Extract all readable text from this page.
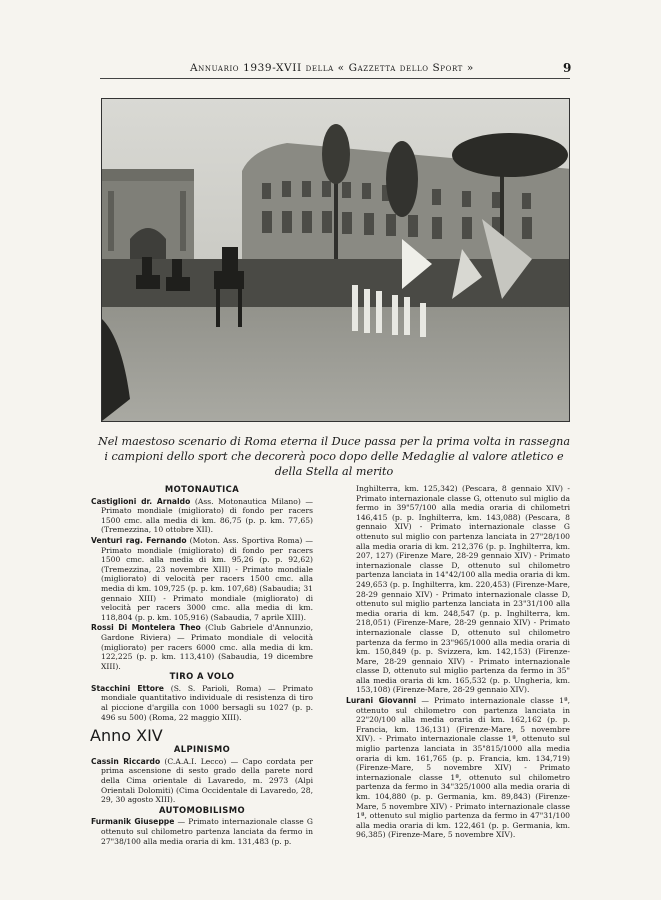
Annuario 1939-XVII della « Gazzetta dello Sport »	9
Nel maestoso scenario di Roma eterna il Duce passa per la prima volta in rassegna i campioni dello sport che decorerà poco dopo delle Medaglie al valore atletico e della Stella al merito
MOTONAUTICA
Castiglioni dr. Arnaldo (Ass. Motonautica Milano) — Primato mondiale (migliorato) di fondo per racers 1500 cmc. alla media di km. 86,75 (p. p. km. 77,65) (Tremezzina, 10 ottobre XII).
Venturi rag. Fernando (Moton. Ass. Sportiva Roma) — Primato mondiale (migliorato) di fondo per racers 1500 cmc. alla media di km. 95,26 (p. p. 92,62) (Tremezzina, 23 novembre XIII) - Primato mondiale (migliorato) di velocità per racers 1500 cmc. alla media di km. 109,725 (p. p. km. 107,68) (Sabaudia; 31 gennaio XIII) - Primato mondiale (migliorato) di velocità per racers 3000 cmc. alla media di km. 118,804 (p. p. km. 105,916) (Sabaudia, 7 aprile XIII).
Rossi Di Montelera Theo (Club Gabriele d'Annunzio, Gardone Riviera) — Primato mondiale di velocità (migliorato) per racers 6000 cmc. alla media di km. 122,225 (p. p. km. 113,410) (Sabaudia, 19 dicembre XIII).
TIRO A VOLO
Stacchini Ettore (S. S. Parioli, Roma) — Primato mondiale quantitativo individuale di resistenza di tiro al piccione d'argilla con 1000 bersagli su 1027 (p. p. 496 su 500) (Roma, 22 maggio XIII).
Anno XIV
ALPINISMO
Cassin Riccardo (C.A.A.I. Lecco) — Capo cordata per prima ascensione di sesto grado della parete nord della Cima orientale di Lavaredo, m. 2973 (Alpi Orientali Dolomiti) (Cima Occidentale di Lavaredo, 28, 29, 30 agosto XIII).
AUTOMOBILISMO
Furmanik Giuseppe — Primato internazionale classe G ottenuto sul chilometro partenza lanciata da fermo in 27"38/100 alla media oraria di km. 131,483 (p. p.
Inghilterra, km. 125,342) (Pescara, 8 gennaio XIV) - Primato internazionale classe G, ottenuto sul miglio da fermo in 39"57/100 alla media oraria di chilometri 146,415 (p. p. Inghilterra, km. 143,088) (Pescara, 8 gennaio XIV) - Primato internazionale classe G ottenuto sul miglio con partenza lanciata in 27"28/100 alla media oraria di km. 212,376 (p. p. Inghilterra, km. 207, 127) (Firenze Mare, 28-29 gennaio XIV) - Primato internazionale classe D, ottenuto sul chilometro partenza lanciata in 14"42/100 alla media oraria di km. 249,653 (p. p. Inghilterra, km. 220,453) (Firenze-Mare, 28-29 gennaio XIV) - Primato internazionale classe D, ottenuto sul miglio partenza lanciata in 23"31/100 alla media oraria di km. 248,547 (p. p. Inghilterra, km. 218,051) (Firenze-Mare, 28-29 gennaio XIV) - Primato internazionale classe D, ottenuto sul chilometro partenza da fermo in 23"965/1000 alla media oraria di km. 150,849 (p. p. Svizzera, km. 142,153) (Firenze-Mare, 28-29 gennaio XIV) - Primato internazionale classe D, ottenuto sul miglio partenza da fermo in 35" alla media oraria di km. 165,532 (p. p. Ungheria, km. 153,108) (Firenze-Mare, 28-29 gennaio XIV).
Lurani Giovanni — Primato internazionale classe 1ª, ottenuto sul chilometro con partenza lanciata in 22"20/100 alla media oraria di km. 162,162 (p. p. Francia, km. 136,131) (Firenze-Mare, 5 novembre XIV). - Primato internazionale classe 1ª, ottenuto sul miglio partenza lanciata in 35"815/1000 alla media oraria di km. 161,765 (p. p. Francia, km. 134,719) (Firenze-Mare, 5 novembre XIV) - Primato internazionale classe 1ª, ottenuto sul chilometro partenza da fermo in 34"325/1000 alla media oraria di km. 104,880 (p. p. Germania, km. 89,843) (Firenze-Mare, 5 novembre XIV) - Primato internazionale classe 1ª, ottenuto sul miglio partenza da fermo in 47"31/100 alla media oraria di km. 122,461 (p. p. Germania, km. 96,385) (Firenze-Mare, 5 novembre XIV).
